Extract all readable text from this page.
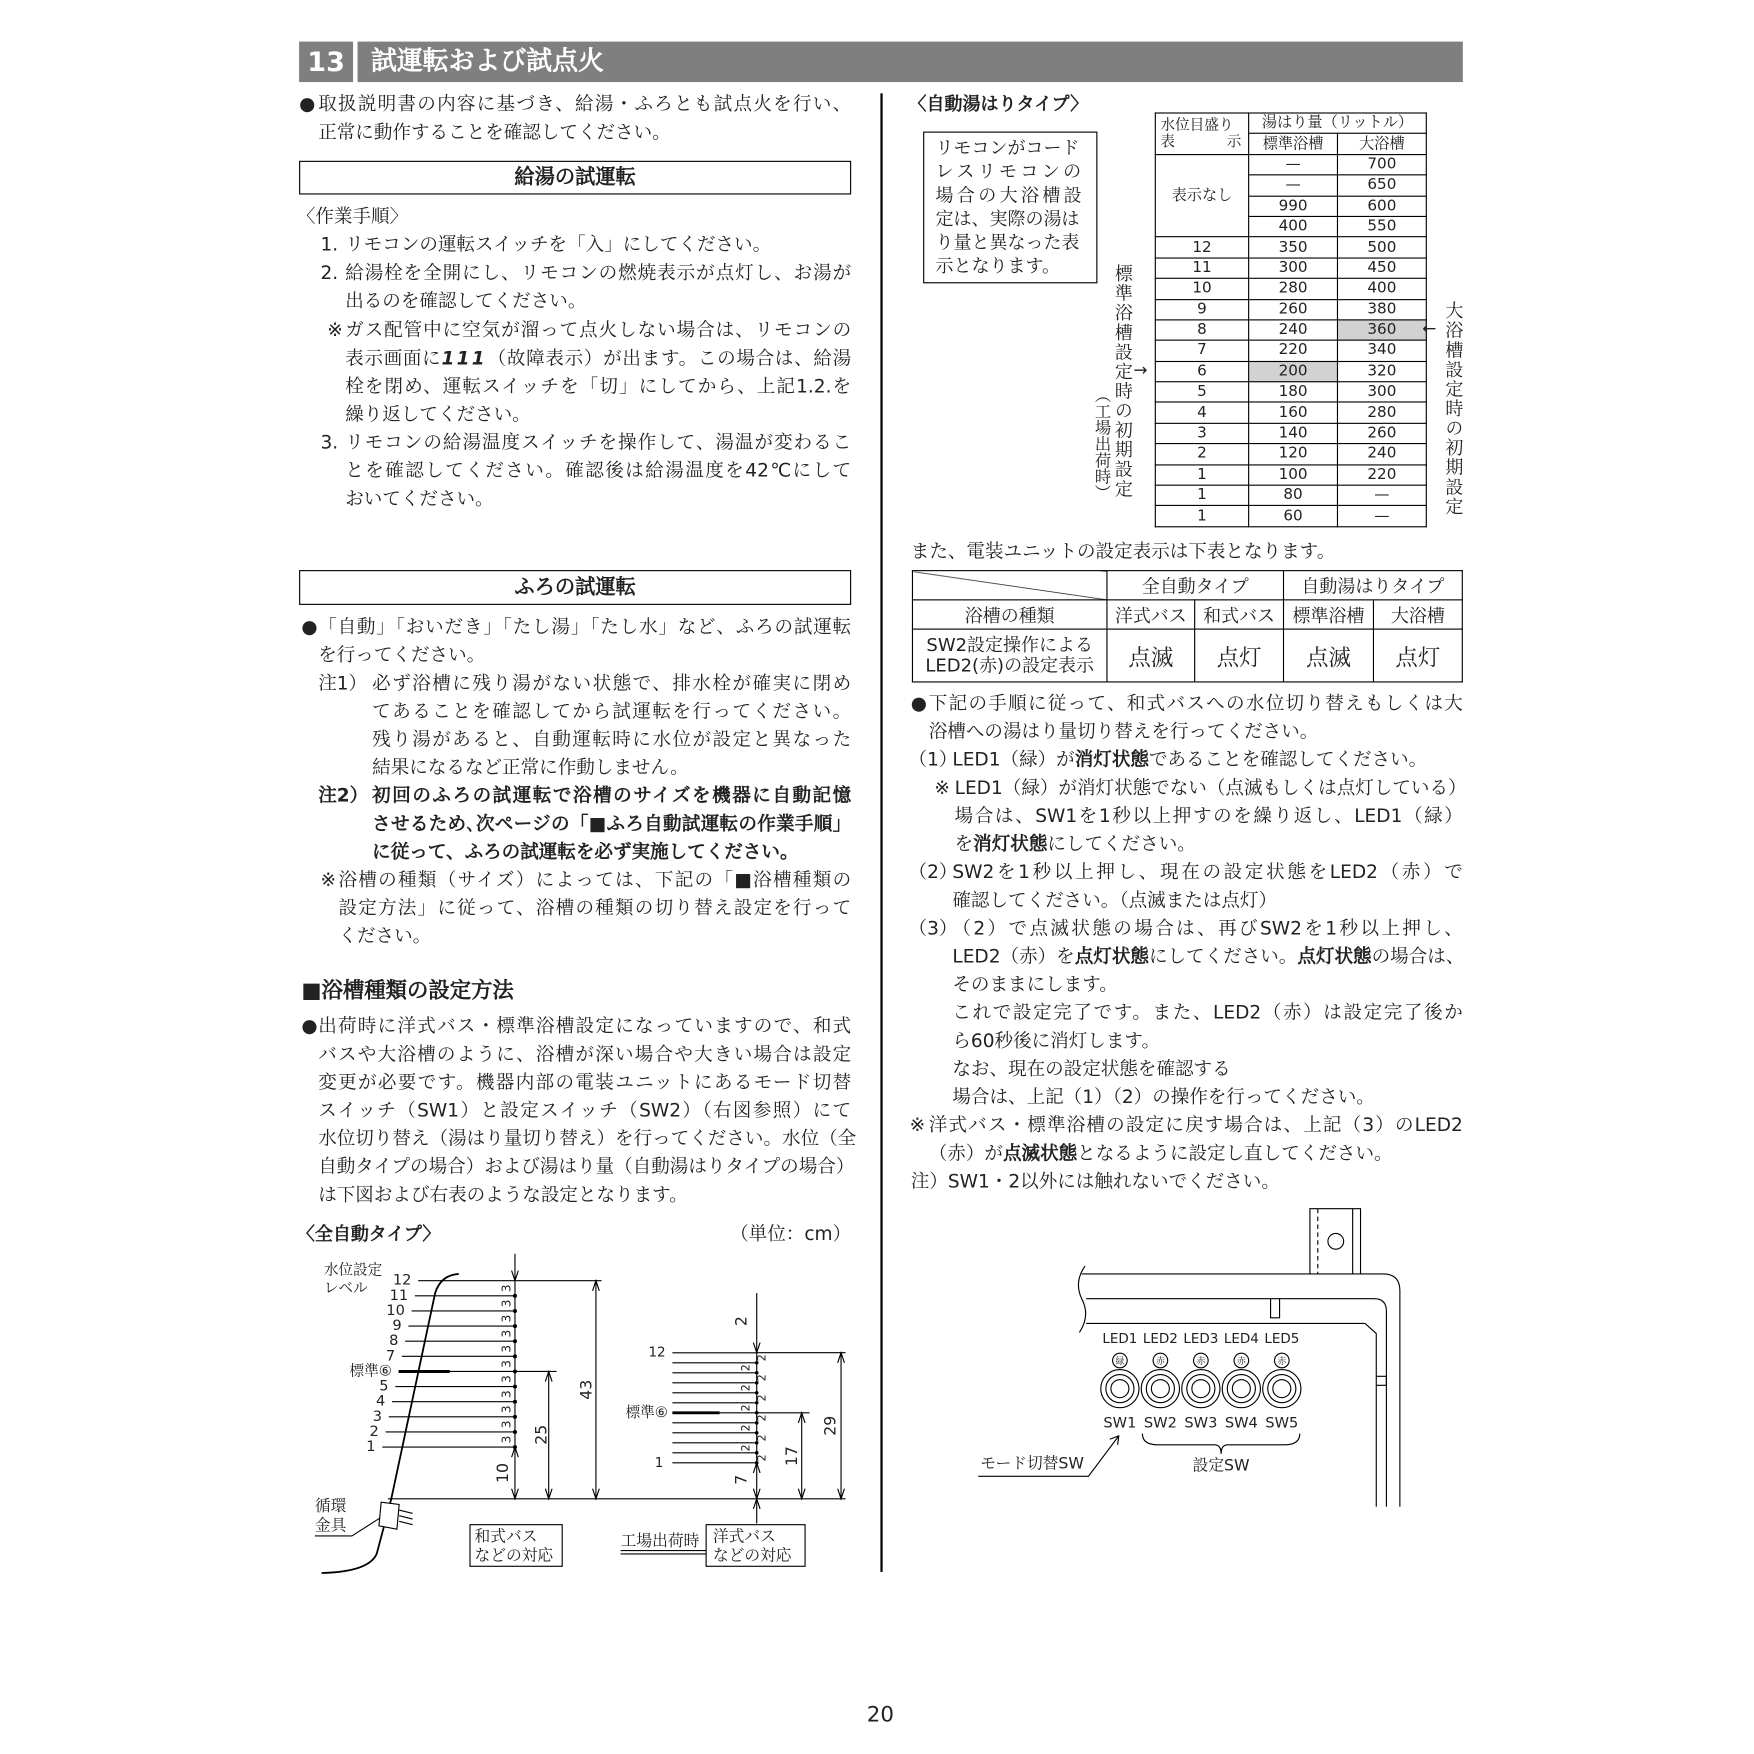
13	試運転および試点火
● 取扱説明書の内容に基づき、給湯・ふろとも試点火を行い、
正常に動作することを確認してください。
給湯の試運転
〈作業手順〉
1. リモコンの運転スイッチを「入」にしてください。
2. 給湯栓を全開にし、リモコンの燃焼表示が点灯し、お湯が
出るのを確認してください。
※ ガス配管中に空気が溜って点火しない場合は、リモコンの
表示画面に111（故障表示）が出ます。この場合は、給湯
栓を閉め、運転スイッチを「切」にしてから、上記1.2.を
繰り返してください。
3. リモコンの給湯温度スイッチを操作して、湯温が変わるこ
とを確認してください。確認後は給湯温度を42℃にして
おいてください。
ふろの試運転
● 「自動」「おいだき」「たし湯」「たし水」など、ふろの試運転
を行ってください。
注1） 必ず浴槽に残り湯がない状態で、排水栓が確実に閉め
てあることを確認してから試運転を行ってください。
残り湯があると、自動運転時に水位が設定と異なった
結果になるなど正常に作動しません。
注2） 初回のふろの試運転で浴槽のサイズを機器に自動記憶
させるため､次ページの「■ふろ自動試運転の作業手順」
に従って、ふろの試運転を必ず実施してください。
※ 浴槽の種類（サイズ）によっては、下記の「■浴槽種類の
設定方法」に従って、浴槽の種類の切り替え設定を行って
ください。
■浴槽種類の設定方法
● 出荷時に洋式バス・標準浴槽設定になっていますので、和式
バスや大浴槽のように、浴槽が深い場合や大きい場合は設定
変更が必要です。機器内部の電装ユニットにあるモード切替
スイッチ（SW1）と設定スイッチ（SW2）（右図参照）にて
水位切り替え（湯はり量切り替え）を行ってください。水位（全
自動タイプの場合）および湯はり量（自動湯はりタイプの場合）
は下図および右表のような設定となります。
〈全自動タイプ〉	（単位：cm）
水位設定
レベル
1	3
2	3
3	3
4	3
5	3
標準⑥	3
7	3
8	3
9	3
10	3
11	3
12
10
25
43
循環
金具
和式バス
などの対応
工場出荷時 洋式バス
などの対応
2
2
2
2
2
2
2
2
2
2
2
12
標準⑥
1
2
7
17
29
〈自動湯はりタイプ〉
リモコンがコード
レスリモコンの
場合の大浴槽設
定は、実際の湯は
り量と異なった表
示となります。
水位目盛り
表 示	湯はり量（リットル）	
	標準浴槽	大浴槽
表示なし	—	700
	—	650
	990	600
	400	550
12	350	500
11	300	450
10	280	400
9	260	380
8	240	360
7	220	340
6	200	320
5	180	300
4	160	280
3	140	260
2	120	240
1	100	220
1	80	—
1	60	—
標準浴槽設定時の初期設定 →
（工場出荷時）
← 大浴槽設定時の初期設定
また、電装ユニットの設定表示は下表となります。
	全自動タイプ		自動湯はりタイプ	
浴槽の種類	洋式バス	和式バス	標準浴槽	大浴槽

SW2設定操作による
LED2(赤)の設定表示	点滅	点灯	点滅	点灯
● 下記の手順に従って、和式バスへの水位切り替えもしくは大
浴槽への湯はり量切り替えを行ってください。
（1）
LED1（緑）が消灯状態であることを確認してください。
※ LED1（緑）が消灯状態でない（点滅もしくは点灯している）
場合は、SW1を1秒以上押すのを繰り返し、LED1（緑）
を消灯状態にしてください。
（2）
SW2を1秒以上押し、現在の設定状態をLED2（赤）で
確認してください。（点滅または点灯）
（3）
（2）で点滅状態の場合は、再びSW2を1秒以上押し、
LED2（赤）を点灯状態にしてください。点灯状態の場合は、
そのままにします。
これで設定完了です。また、LED2（赤）は設定完了後か
ら60秒後に消灯します。
なお、現在の設定状態を確認する
場合は、上記（1）（2）の操作を行ってください。
※ 洋式バス・標準浴槽の設定に戻す場合は、上記（3）のLED2
（赤）が点滅状態となるように設定し直してください。
注）SW1・2以外には触れないでください。
LED1
緑
SW1
LED2
赤
SW2
LED3
赤
SW3
LED4
赤
SW4
LED5
赤
SW5
設定SW
モード切替SW
20
